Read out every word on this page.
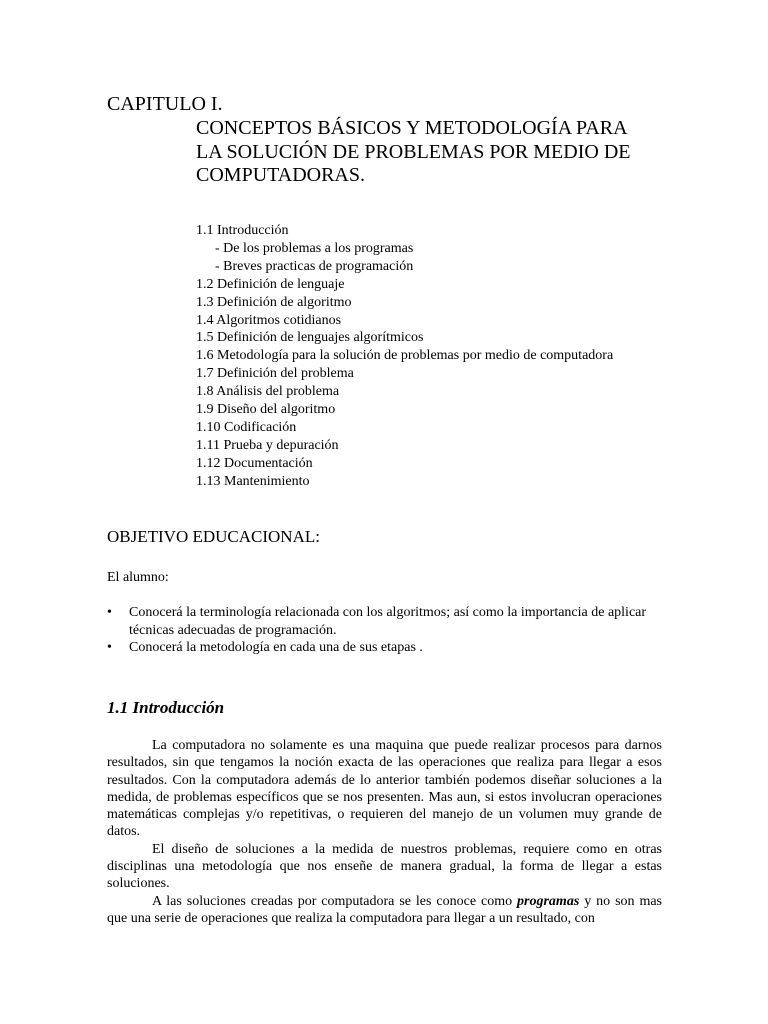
CAPITULO I.
CONCEPTOS BÁSICOS Y METODOLOGÍA PARA
LA SOLUCIÓN DE PROBLEMAS POR MEDIO DE
COMPUTADORAS.
1.1 Introducción
- De los problemas a los programas
- Breves practicas de programación
1.2 Definición de lenguaje
1.3 Definición de algoritmo
1.4 Algoritmos cotidianos
1.5 Definición de lenguajes algorítmicos
1.6 Metodología para la solución de problemas por medio de computadora
1.7 Definición del problema
1.8 Análisis del problema
1.9 Diseño del algoritmo
1.10 Codificación
1.11 Prueba y depuración
1.12 Documentación
1.13 Mantenimiento
OBJETIVO EDUCACIONAL:
El alumno:
• Conocerá la terminología relacionada con los algoritmos; así como la importancia de aplicar técnicas adecuadas de programación.
• Conocerá la metodología en cada una de sus etapas .
1.1 Introducción

La computadora no solamente es una maquina que puede realizar procesos para darnos resultados, sin que tengamos la noción exacta de las operaciones que realiza para llegar a esos resultados. Con la computadora además de lo anterior también podemos diseñar soluciones a la medida, de problemas específicos que se nos presenten. Mas aun, si estos involucran operaciones matemáticas complejas y/o repetitivas, o requieren del manejo de un volumen muy grande de datos.

El diseño de soluciones a la medida de nuestros problemas, requiere como en otras disciplinas una metodología que nos enseñe de manera gradual, la forma de llegar a estas soluciones.

A las soluciones creadas por computadora se les conoce como programas y no son mas que una serie de operaciones que realiza la computadora para llegar a un resultado, con
